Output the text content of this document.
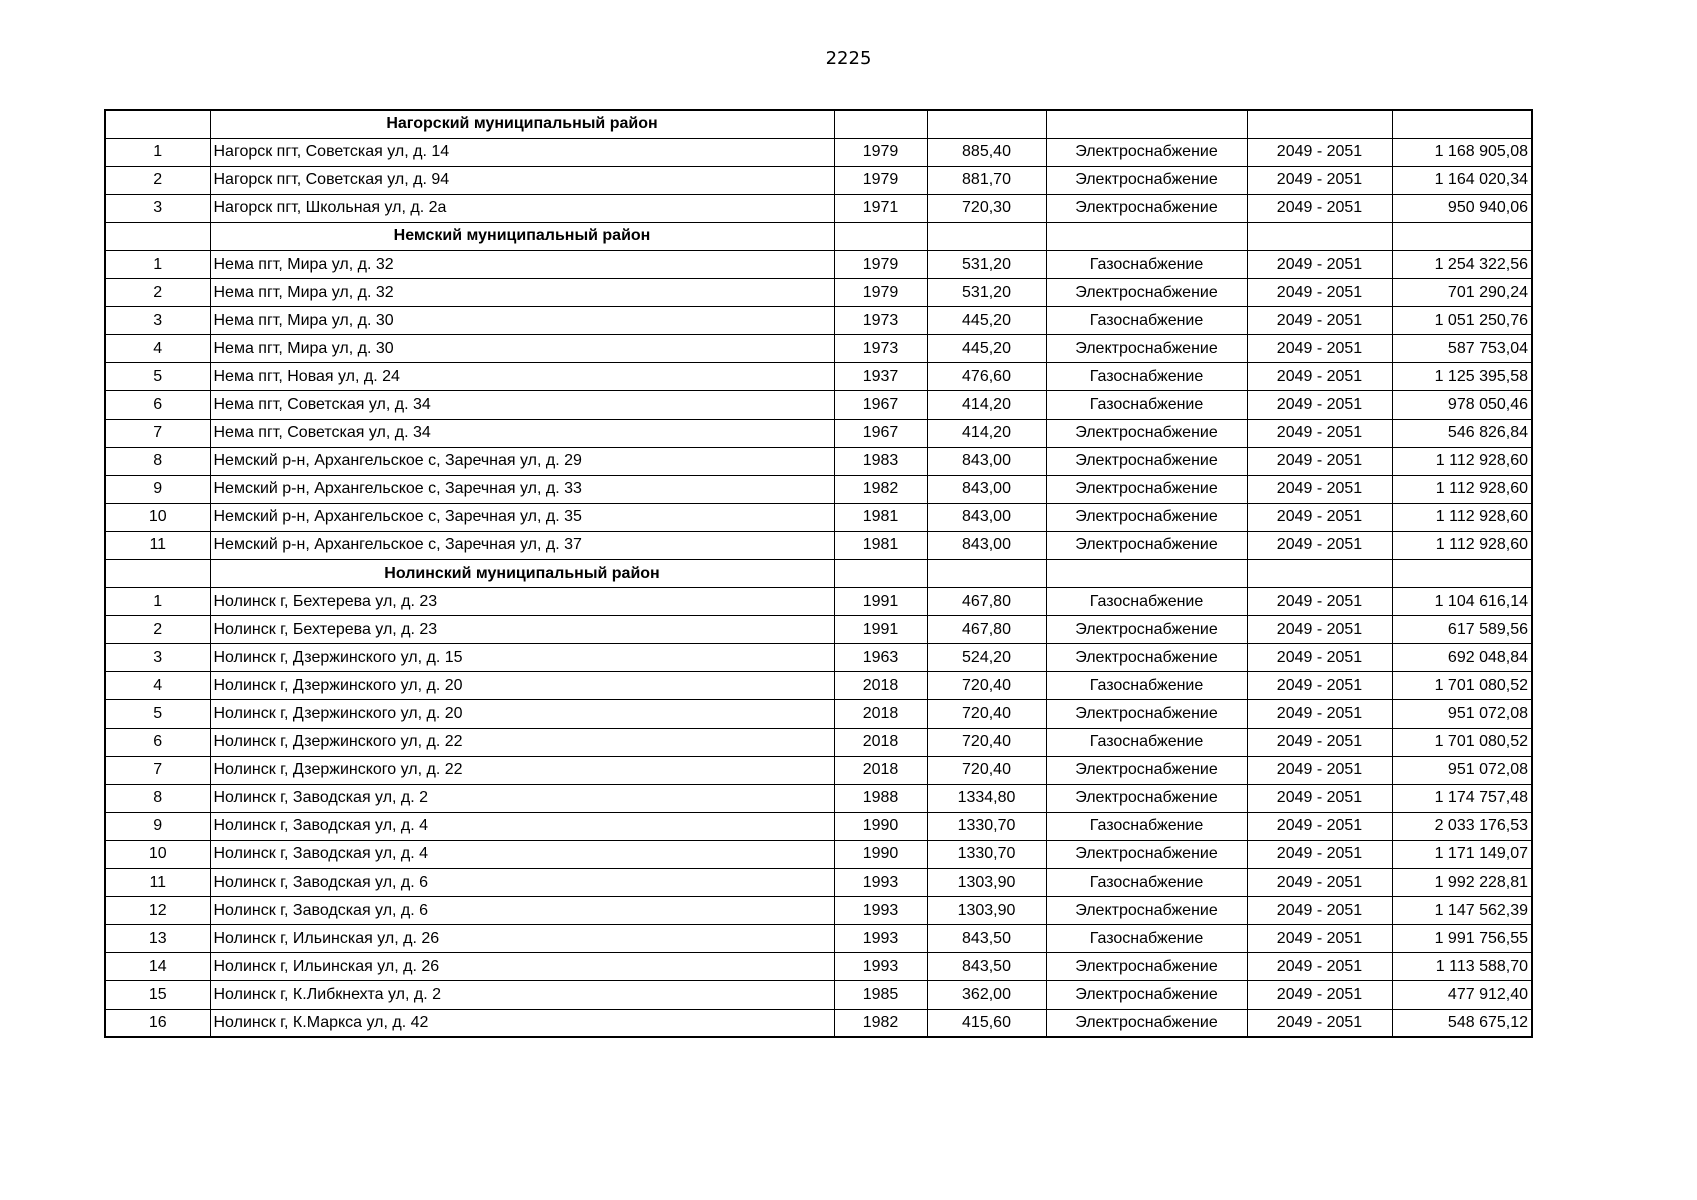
2225
	Нагорский муниципальный район					
1	Нагорск пгт, Советская ул, д. 14	1979	885,40	Электроснабжение	2049 - 2051	1 168 905,08
2	Нагорск пгт, Советская ул, д. 94	1979	881,70	Электроснабжение	2049 - 2051	1 164 020,34
3	Нагорск пгт, Школьная ул, д. 2а	1971	720,30	Электроснабжение	2049 - 2051	950 940,06
	Немский муниципальный район					
1	Нема пгт, Мира ул, д. 32	1979	531,20	Газоснабжение	2049 - 2051	1 254 322,56
2	Нема пгт, Мира ул, д. 32	1979	531,20	Электроснабжение	2049 - 2051	701 290,24
3	Нема пгт, Мира ул, д. 30	1973	445,20	Газоснабжение	2049 - 2051	1 051 250,76
4	Нема пгт, Мира ул, д. 30	1973	445,20	Электроснабжение	2049 - 2051	587 753,04
5	Нема пгт, Новая ул, д. 24	1937	476,60	Газоснабжение	2049 - 2051	1 125 395,58
6	Нема пгт, Советская ул, д. 34	1967	414,20	Газоснабжение	2049 - 2051	978 050,46
7	Нема пгт, Советская ул, д. 34	1967	414,20	Электроснабжение	2049 - 2051	546 826,84
8	Немский р-н, Архангельское с, Заречная ул, д. 29	1983	843,00	Электроснабжение	2049 - 2051	1 112 928,60
9	Немский р-н, Архангельское с, Заречная ул, д. 33	1982	843,00	Электроснабжение	2049 - 2051	1 112 928,60
10	Немский р-н, Архангельское с, Заречная ул, д. 35	1981	843,00	Электроснабжение	2049 - 2051	1 112 928,60
11	Немский р-н, Архангельское с, Заречная ул, д. 37	1981	843,00	Электроснабжение	2049 - 2051	1 112 928,60
	Нолинский муниципальный район					
1	Нолинск г, Бехтерева ул, д. 23	1991	467,80	Газоснабжение	2049 - 2051	1 104 616,14
2	Нолинск г, Бехтерева ул, д. 23	1991	467,80	Электроснабжение	2049 - 2051	617 589,56
3	Нолинск г, Дзержинского ул, д. 15	1963	524,20	Электроснабжение	2049 - 2051	692 048,84
4	Нолинск г, Дзержинского ул, д. 20	2018	720,40	Газоснабжение	2049 - 2051	1 701 080,52
5	Нолинск г, Дзержинского ул, д. 20	2018	720,40	Электроснабжение	2049 - 2051	951 072,08
6	Нолинск г, Дзержинского ул, д. 22	2018	720,40	Газоснабжение	2049 - 2051	1 701 080,52
7	Нолинск г, Дзержинского ул, д. 22	2018	720,40	Электроснабжение	2049 - 2051	951 072,08
8	Нолинск г, Заводская ул, д. 2	1988	1334,80	Электроснабжение	2049 - 2051	1 174 757,48
9	Нолинск г, Заводская ул, д. 4	1990	1330,70	Газоснабжение	2049 - 2051	2 033 176,53
10	Нолинск г, Заводская ул, д. 4	1990	1330,70	Электроснабжение	2049 - 2051	1 171 149,07
11	Нолинск г, Заводская ул, д. 6	1993	1303,90	Газоснабжение	2049 - 2051	1 992 228,81
12	Нолинск г, Заводская ул, д. 6	1993	1303,90	Электроснабжение	2049 - 2051	1 147 562,39
13	Нолинск г, Ильинская ул, д. 26	1993	843,50	Газоснабжение	2049 - 2051	1 991 756,55
14	Нолинск г, Ильинская ул, д. 26	1993	843,50	Электроснабжение	2049 - 2051	1 113 588,70
15	Нолинск г, К.Либкнехта ул, д. 2	1985	362,00	Электроснабжение	2049 - 2051	477 912,40
16	Нолинск г, К.Маркса ул, д. 42	1982	415,60	Электроснабжение	2049 - 2051	548 675,12
